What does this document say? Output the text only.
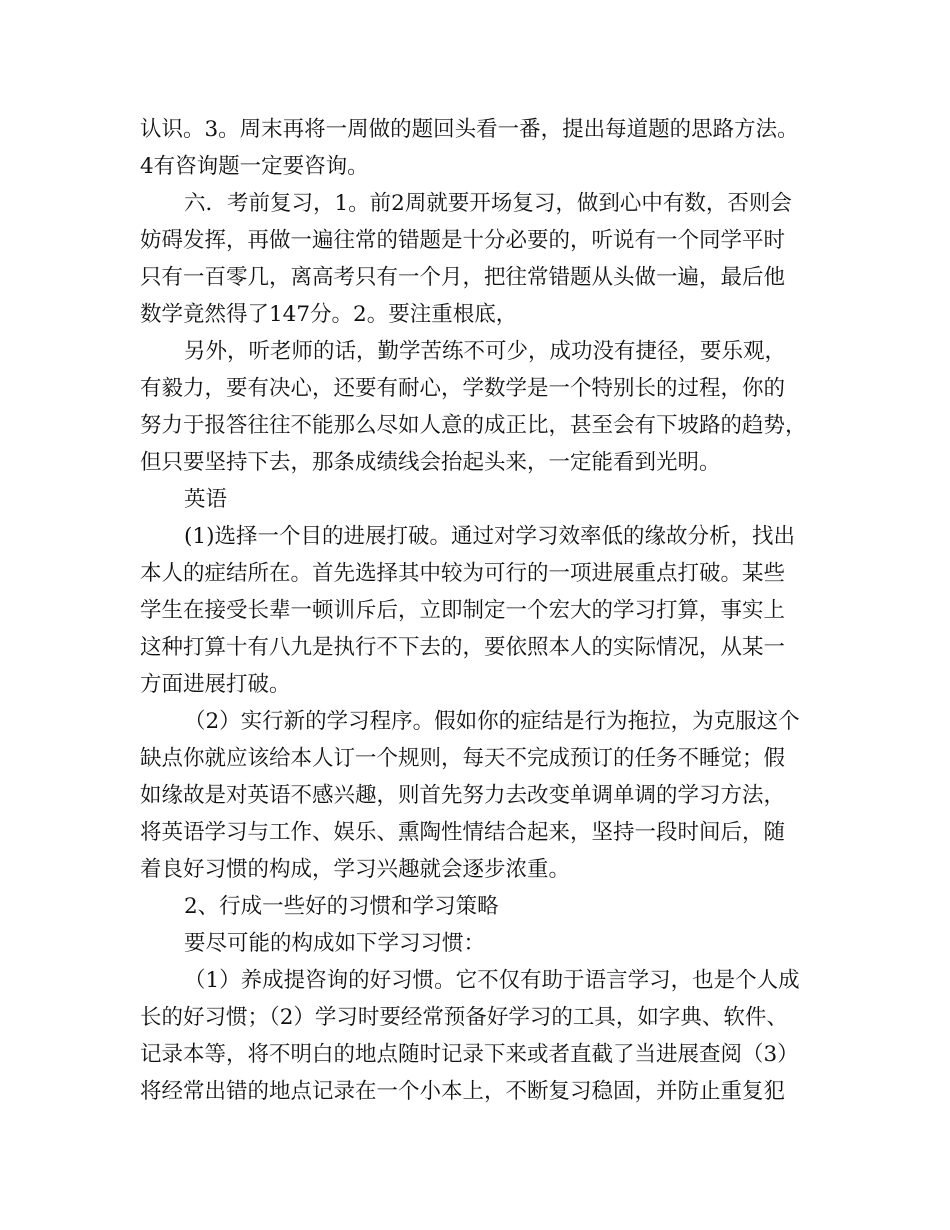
认识。3。周末再将一周做的题回头看一番，提出每道题的思路方法。

4有咨询题一定要咨询。

六．考前复习，1。前2周就要开场复习，做到心中有数，否则会

妨碍发挥，再做一遍往常的错题是十分必要的，听说有一个同学平时

只有一百零几，离高考只有一个月，把往常错题从头做一遍，最后他

数学竟然得了147分。2。要注重根底，

另外，听老师的话，勤学苦练不可少，成功没有捷径，要乐观，

有毅力，要有决心，还要有耐心，学数学是一个特别长的过程，你的

努力于报答往往不能那么尽如人意的成正比，甚至会有下坡路的趋势，

但只要坚持下去，那条成绩线会抬起头来，一定能看到光明。

英语

(1)选择一个目的进展打破。通过对学习效率低的缘故分析，找出

本人的症结所在。首先选择其中较为可行的一项进展重点打破。某些

学生在接受长辈一顿训斥后，立即制定一个宏大的学习打算，事实上

这种打算十有八九是执行不下去的，要依照本人的实际情况，从某一

方面进展打破。

（2）实行新的学习程序。假如你的症结是行为拖拉，为克服这个

缺点你就应该给本人订一个规则，每天不完成预订的任务不睡觉；假

如缘故是对英语不感兴趣，则首先努力去改变单调单调的学习方法，

将英语学习与工作、娱乐、熏陶性情结合起来，坚持一段时间后，随

着良好习惯的构成，学习兴趣就会逐步浓重。

2、行成一些好的习惯和学习策略

要尽可能的构成如下学习习惯：

（1）养成提咨询的好习惯。它不仅有助于语言学习，也是个人成

长的好习惯；（2）学习时要经常预备好学习的工具，如字典、软件、

记录本等，将不明白的地点随时记录下来或者直截了当进展查阅（3）

将经常出错的地点记录在一个小本上，不断复习稳固，并防止重复犯
